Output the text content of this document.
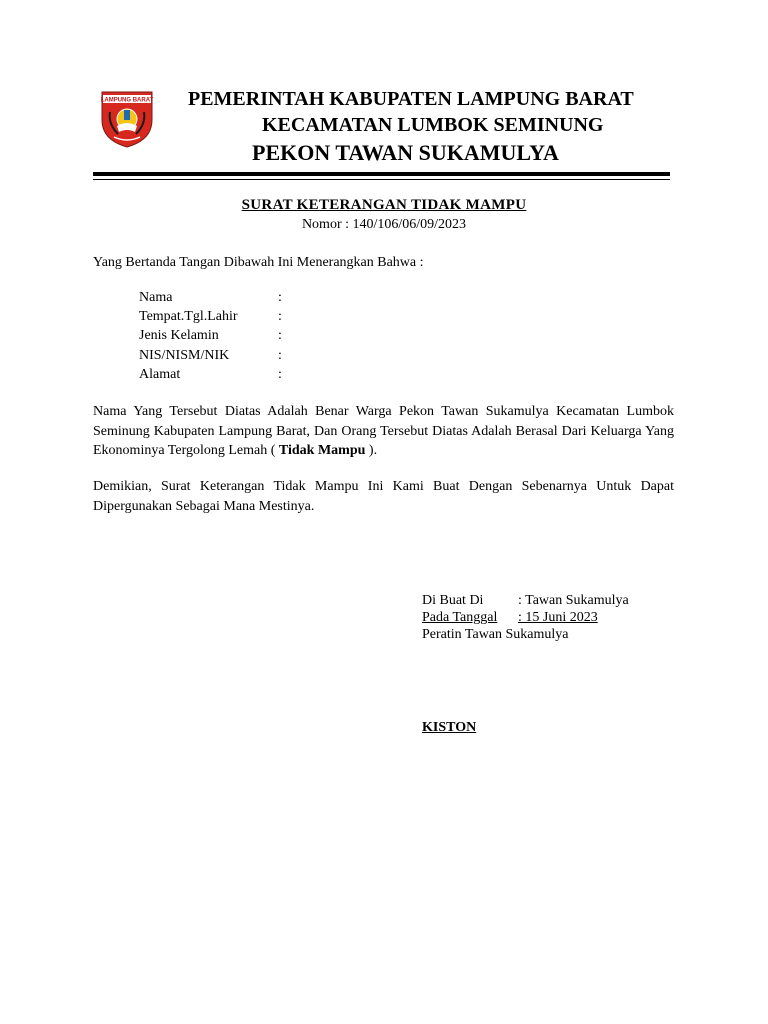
LAMPUNG BARAT PEMERINTAH KABUPATEN LAMPUNG BARAT
KECAMATAN LUMBOK SEMINUNG
PEKON TAWAN SUKAMULYA
SURAT KETERANGAN TIDAK MAMPU
Nomor : 140/106/06/09/2023
Yang Bertanda Tangan Dibawah Ini Menerangkan Bahwa :
Nama	:
Tempat.Tgl.Lahir	:
Jenis Kelamin	:
NIS/NISM/NIK	:
Alamat	:
Nama Yang Tersebut Diatas Adalah Benar Warga Pekon Tawan Sukamulya Kecamatan Lumbok Seminung Kabupaten Lampung Barat, Dan Orang Tersebut Diatas Adalah Berasal Dari Keluarga Yang Ekonominya Tergolong Lemah ( Tidak Mampu ).
Demikian, Surat Keterangan Tidak Mampu Ini Kami Buat Dengan Sebenarnya Untuk Dapat Dipergunakan Sebagai Mana Mestinya.
Di Buat Di : Tawan Sukamulya
Pada Tanggal : 15 Juni 2023
Peratin Tawan Sukamulya
KISTON
